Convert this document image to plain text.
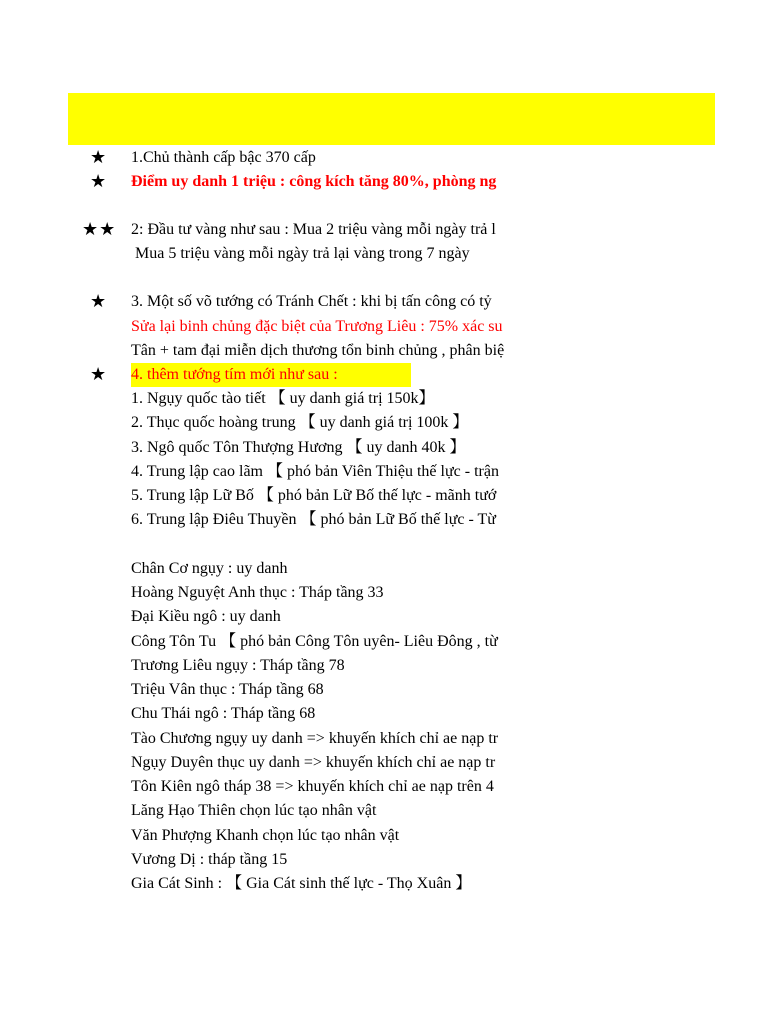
★
★
★★
★
★
1.Chủ thành cấp bậc 370 cấp
Điểm uy danh 1 triệu : công kích tăng 80%, phòng ng
2: Đầu tư vàng như sau : Mua 2 triệu vàng mỗi ngày trả l
Mua 5 triệu vàng mỗi ngày trả lại vàng trong 7 ngày
3. Một số võ tướng có Tránh Chết : khi bị tấn công có tỷ
Sửa lại binh chủng đặc biệt của Trương Liêu : 75% xác su
Tân + tam đại miễn dịch thương tổn binh chủng , phân biệ
4. thêm tướng tím mới như sau :
1. Ngụy quốc tào tiết 【 uy danh giá trị 150k】
2. Thục quốc hoàng trung 【 uy danh giá trị 100k 】
3. Ngô quốc Tôn Thượng Hương 【 uy danh 40k 】
4. Trung lập cao lãm 【 phó bản Viên Thiệu thế lực - trận
5. Trung lập Lữ Bố 【 phó bản Lữ Bố thế lực - mãnh tướ
6. Trung lập Điêu Thuyền 【 phó bản Lữ Bố thế lực - Từ
Chân Cơ ngụy : uy danh
Hoàng Nguyệt Anh thục : Tháp tầng 33
Đại Kiều ngô : uy danh
Công Tôn Tu 【 phó bản Công Tôn uyên- Liêu Đông , từ
Trương Liêu ngụy : Tháp tầng 78
Triệu Vân thục : Tháp tầng 68
Chu Thái ngô : Tháp tầng 68
Tào Chương ngụy uy danh => khuyến khích chỉ ae nạp tr
Ngụy Duyên thục uy danh => khuyến khích chỉ ae nạp tr
Tôn Kiên ngô tháp 38 => khuyến khích chỉ ae nạp trên 4
Lăng Hạo Thiên chọn lúc tạo nhân vật
Văn Phượng Khanh chọn lúc tạo nhân vật
Vương Dị : tháp tầng 15
Gia Cát Sinh : 【 Gia Cát sinh thế lực - Thọ Xuân 】
